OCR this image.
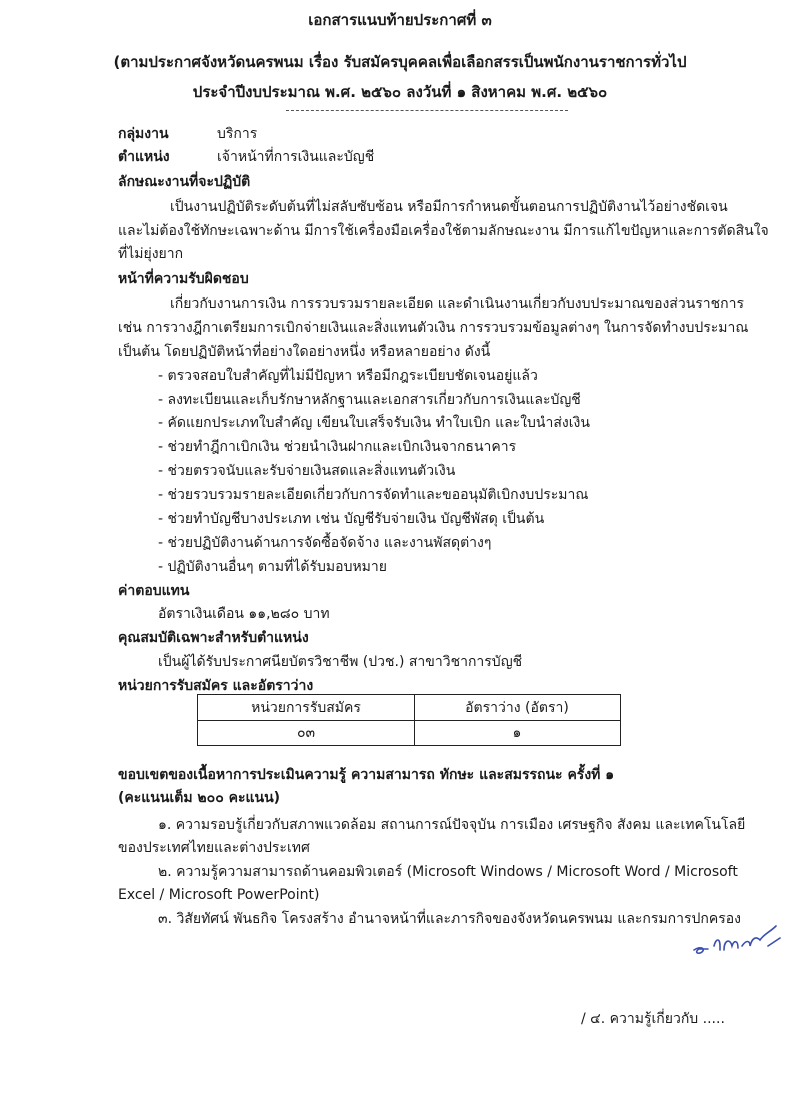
เอกสารแนบท้ายประกาศที่ ๓
(ตามประกาศจังหวัดนครพนม เรื่อง รับสมัครบุคคลเพื่อเลือกสรรเป็นพนักงานราชการทั่วไป
ประจำปีงบประมาณ พ.ศ. ๒๕๖๐ ลงวันที่ ๑ สิงหาคม พ.ศ. ๒๕๖๐
กลุ่มงาน	บริการ
ตำแหน่ง	เจ้าหน้าที่การเงินและบัญชี
ลักษณะงานที่จะปฏิบัติ
เป็นงานปฏิบัติระดับต้นที่ไม่สลับซับซ้อน หรือมีการกำหนดขั้นตอนการปฏิบัติงานไว้อย่างชัดเจน
และไม่ต้องใช้ทักษะเฉพาะด้าน มีการใช้เครื่องมือเครื่องใช้ตามลักษณะงาน มีการแก้ไขปัญหาและการตัดสินใจ
ที่ไม่ยุ่งยาก
หน้าที่ความรับผิดชอบ
เกี่ยวกับงานการเงิน การรวบรวมรายละเอียด และดำเนินงานเกี่ยวกับงบประมาณของส่วนราชการ
เช่น การวางฎีกาเตรียมการเบิกจ่ายเงินและสิ่งแทนตัวเงิน การรวบรวมข้อมูลต่างๆ ในการจัดทำงบประมาณ
เป็นต้น โดยปฏิบัติหน้าที่อย่างใดอย่างหนึ่ง หรือหลายอย่าง ดังนี้
- ตรวจสอบใบสำคัญที่ไม่มีปัญหา หรือมีกฎระเบียบชัดเจนอยู่แล้ว
- ลงทะเบียนและเก็บรักษาหลักฐานและเอกสารเกี่ยวกับการเงินและบัญชี
- คัดแยกประเภทใบสำคัญ เขียนใบเสร็จรับเงิน ทำใบเบิก และใบนำส่งเงิน
- ช่วยทำฎีกาเบิกเงิน ช่วยนำเงินฝากและเบิกเงินจากธนาคาร
- ช่วยตรวจนับและรับจ่ายเงินสดและสิ่งแทนตัวเงิน
- ช่วยรวบรวมรายละเอียดเกี่ยวกับการจัดทำและขออนุมัติเบิกงบประมาณ
- ช่วยทำบัญชีบางประเภท เช่น บัญชีรับจ่ายเงิน บัญชีพัสดุ เป็นต้น
- ช่วยปฏิบัติงานด้านการจัดซื้อจัดจ้าง และงานพัสดุต่างๆ
- ปฏิบัติงานอื่นๆ ตามที่ได้รับมอบหมาย
ค่าตอบแทน
อัตราเงินเดือน ๑๑,๒๘๐ บาท
คุณสมบัติเฉพาะสำหรับตำแหน่ง
เป็นผู้ได้รับประกาศนียบัตรวิชาชีพ (ปวช.) สาขาวิชาการบัญชี
หน่วยการรับสมัคร และอัตราว่าง
หน่วยการรับสมัคร	อัตราว่าง (อัตรา)
๐๓	๑
ขอบเขตของเนื้อหาการประเมินความรู้ ความสามารถ ทักษะ และสมรรถนะ ครั้งที่ ๑
(คะแนนเต็ม ๒๐๐ คะแนน)
๑. ความรอบรู้เกี่ยวกับสภาพแวดล้อม สถานการณ์ปัจจุบัน การเมือง เศรษฐกิจ สังคม และเทคโนโลยี
ของประเทศไทยและต่างประเทศ
๒. ความรู้ความสามารถด้านคอมพิวเตอร์ (Microsoft Windows / Microsoft Word / Microsoft
Excel / Microsoft PowerPoint)
๓. วิสัยทัศน์ พันธกิจ โครงสร้าง อำนาจหน้าที่และภารกิจของจังหวัดนครพนม และกรมการปกครอง
/ ๔. ความรู้เกี่ยวกับ .....
